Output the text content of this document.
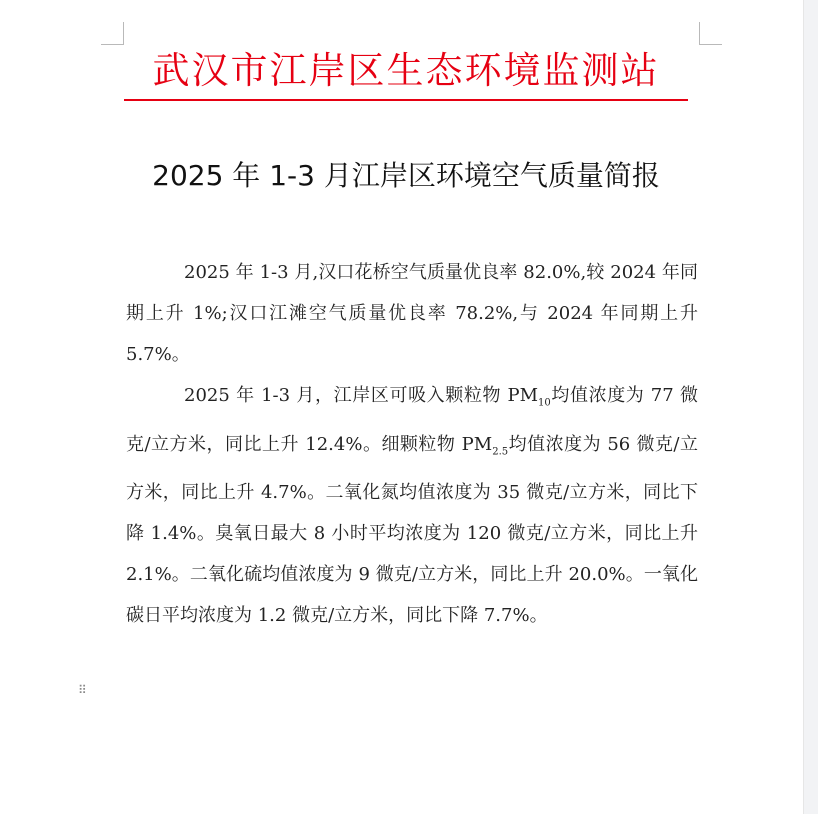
武汉市江岸区生态环境监测站
2025 年 1-3 月江岸区环境空气质量简报

2025 年 1-3 月,汉口花桥空气质量优良率 82.0%,较 2024 年同期上升 1%;汉口江滩空气质量优良率 78.2%,与 2024 年同期上升 5.7%。

2025 年 1-3 月，江岸区可吸入颗粒物 $PM_{10}$均值浓度为 77 微克/立方米，同比上升 12.4%。细颗粒物 $PM_{2.5}$均值浓度为 56 微克/立方米，同比上升 4.7%。二氧化氮均值浓度为 35 微克/立方米，同比下降 1.4%。臭氧日最大 8 小时平均浓度为 120 微克/立方米，同比上升 2.1%。二氧化硫均值浓度为 9 微克/立方米，同比上升 20.0%。一氧化碳日平均浓度为 1.2 微克/立方米，同比下降 7.7%。

⠿
